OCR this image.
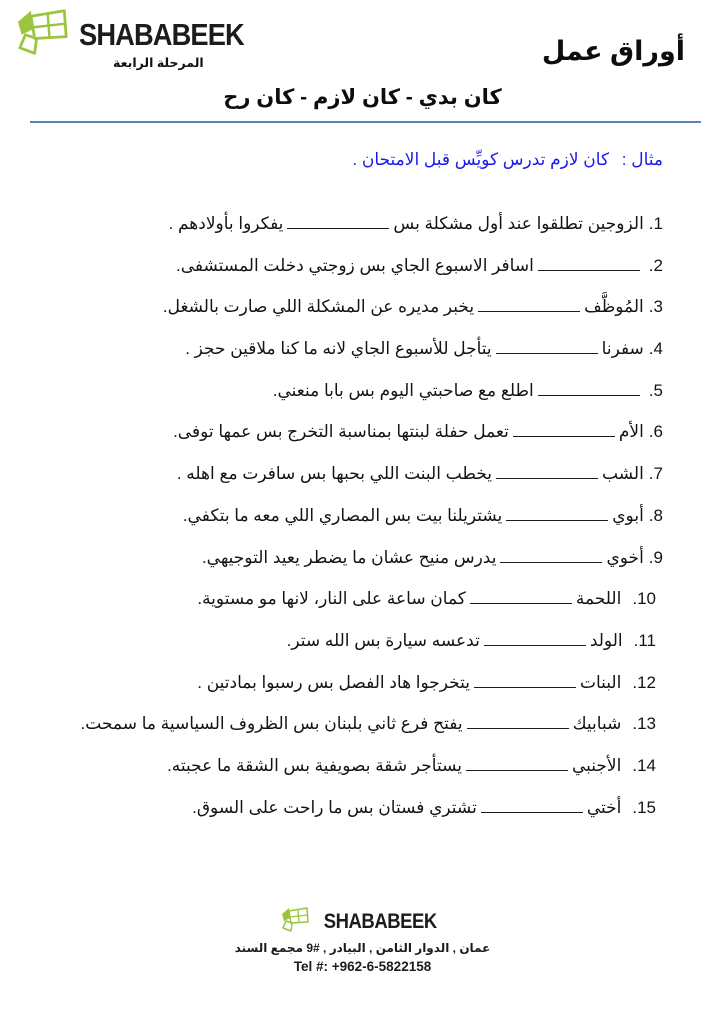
SHABABEEK	أوراق عمل
المرحلة الرابعة
كان بدي - كان لازم - كان رح
مثال : كان لازم تدرس كويِّس قبل الامتحان .
1.الزوجين تطلقوا عند أول مشكلة بسيفكروا بأولادهم .
2.اسافر الاسبوع الجاي بس زوجتي دخلت المستشفى.
3.المُوظَّفيخبر مديره عن المشكلة اللي صارت بالشغل.
4.سفرنايتأجل للأسبوع الجاي لانه ما كنا ملاقين حجز .
5.اطلع مع صاحبتي اليوم بس بابا منعني.
6.الأمتعمل حفلة لبنتها بمناسبة التخرج بس عمها توفى.
7.الشبيخطب البنت اللي بحبها بس سافرت مع اهله .
8.أبوييشتريلنا بيت بس المصاري اللي معه ما بتكفي.
9.أخوييدرس منيح عشان ما يضطر يعيد التوجيهي.
10.اللحمةكمان ساعة على النار، لانها مو مستوية.
11.الولدتدعسه سيارة بس الله ستر.
12.البناتيتخرجوا هاد الفصل بس رسبوا بمادتين .
13.شبابيكيفتح فرع ثاني بلبنان بس الظروف السياسية ما سمحت.
14.الأجنبييستأجر شقة بصويفية بس الشقة ما عجبته.
15.أختيتشتري فستان بس ما راحت على السوق.
SHABABEEK
عمان , الدوار الثامن , البيادر , #9 مجمع السند
Tel #: +962-6-5822158
